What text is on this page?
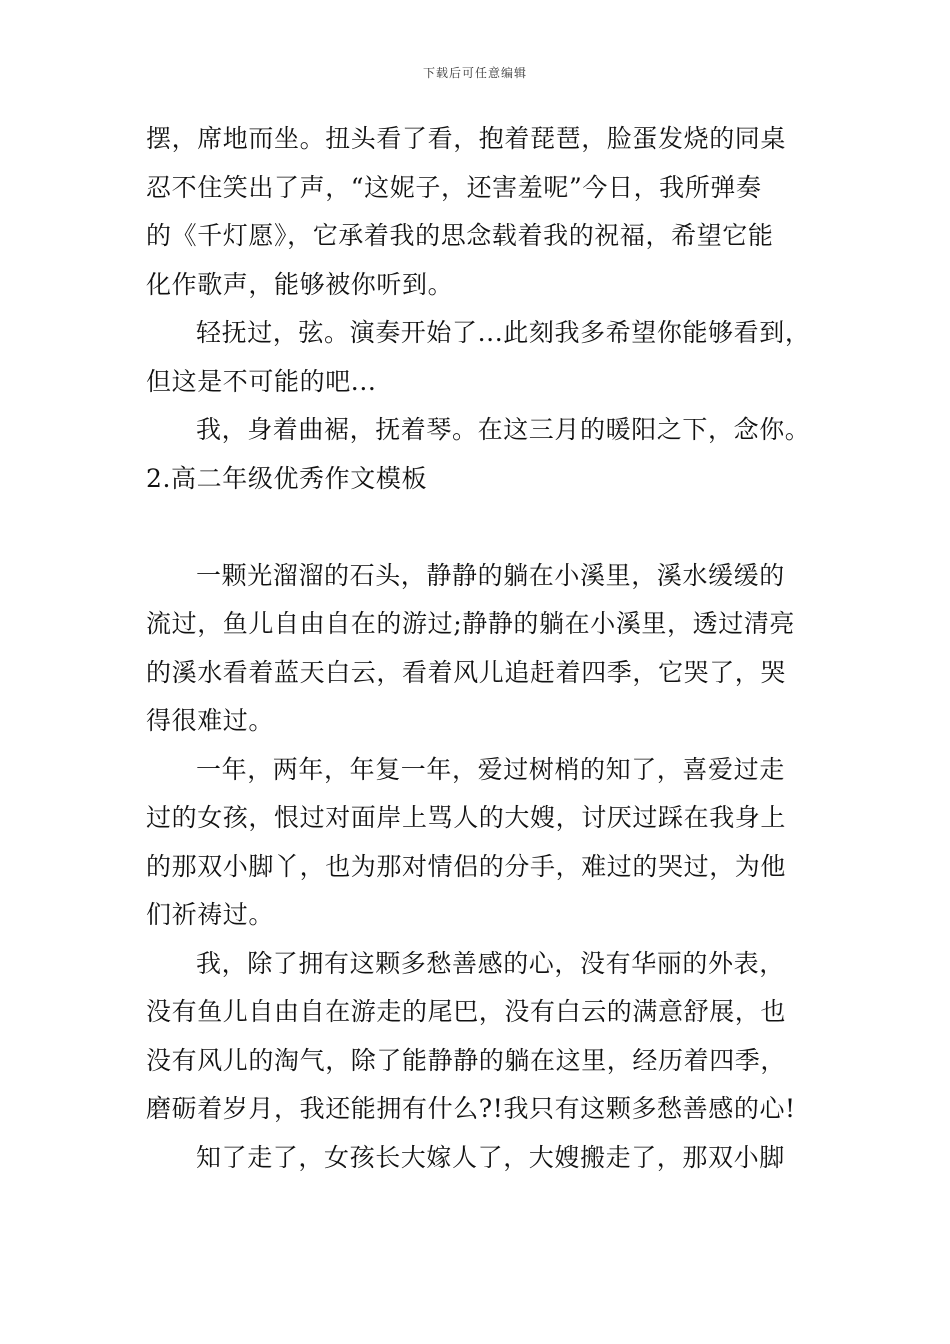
下载后可任意编辑
摆，席地而坐。扭头看了看，抱着琵琶，脸蛋发烧的同桌
忍不住笑出了声，“这妮子，还害羞呢”今日，我所弹奏
的《千灯愿》，它承着我的思念载着我的祝福，希望它能
化作歌声，能够被你听到。
轻抚过，弦。演奏开始了...此刻我多希望你能够看到，
但这是不可能的吧...
我，身着曲裾，抚着琴。在这三月的暖阳之下，念你。
2.高二年级优秀作文模板
一颗光溜溜的石头，静静的躺在小溪里，溪水缓缓的
流过，鱼儿自由自在的游过;静静的躺在小溪里，透过清亮
的溪水看着蓝天白云，看着风儿追赶着四季，它哭了，哭
得很难过。
一年，两年，年复一年，爱过树梢的知了，喜爱过走
过的女孩，恨过对面岸上骂人的大嫂，讨厌过踩在我身上
的那双小脚丫，也为那对情侣的分手，难过的哭过，为他
们祈祷过。
我，除了拥有这颗多愁善感的心，没有华丽的外表，
没有鱼儿自由自在游走的尾巴，没有白云的满意舒展，也
没有风儿的淘气，除了能静静的躺在这里，经历着四季，
磨砺着岁月，我还能拥有什么?!我只有这颗多愁善感的心!
知了走了，女孩长大嫁人了，大嫂搬走了，那双小脚
